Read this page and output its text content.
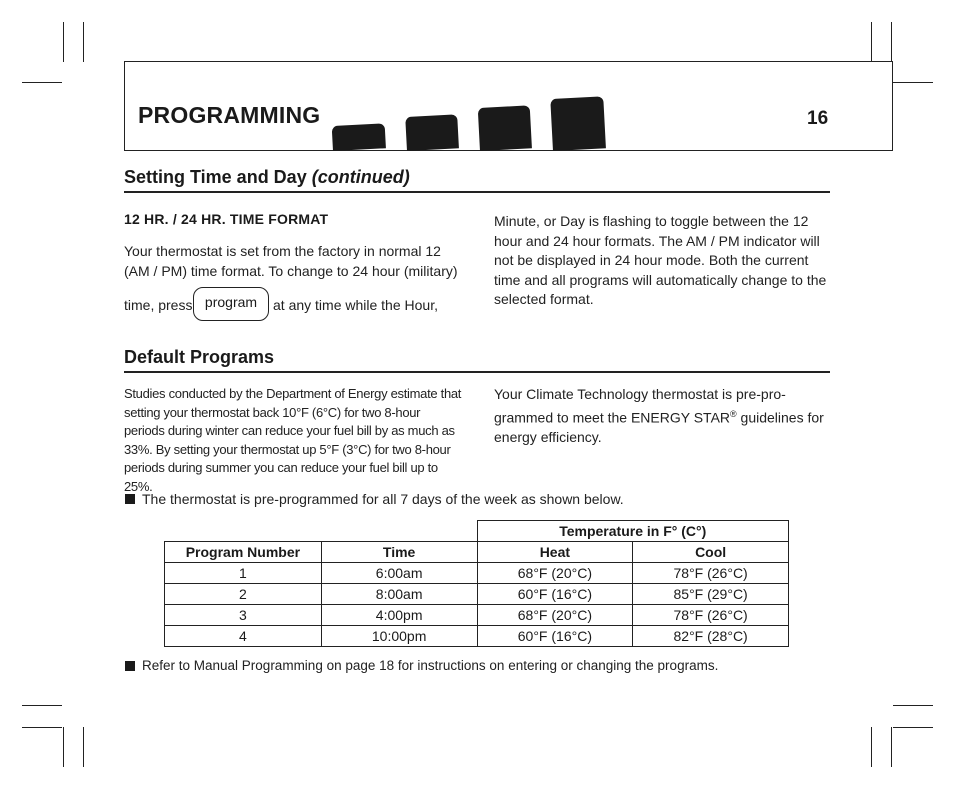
PROGRAMMING	16
Setting Time and Day (continued)
12 HR. / 24 HR. TIME FORMAT
Your thermostat is set from the factory in normal 12
(AM / PM) time format. To change to 24 hour (military)
time, press program	at any time while the Hour,
Minute, or Day is flashing to toggle between the 12 hour and 24 hour formats. The AM / PM indicator will not be displayed in 24 hour mode. Both the current time and all programs will automatically change to the selected format.
Default Programs
Studies conducted by the Department of Energy estimate that setting your thermostat back 10°F (6°C) for two 8-hour periods during winter can reduce your fuel bill by as much as 33%. By setting your thermostat up 5°F (3°C) for two 8-hour periods during summer you can reduce your fuel bill up to 25%.
Your Climate Technology thermostat is pre-pro-grammed to meet the ENERGY STAR® guidelines for energy efficiency.
The thermostat is pre-programmed for all 7 days of the week as shown below.
		Temperature in F° (C°)	
Program Number	Time	Heat	Cool
1	6:00am	68°F (20°C)	78°F (26°C)
2	8:00am	60°F (16°C)	85°F (29°C)
3	4:00pm	68°F (20°C)	78°F (26°C)
4	10:00pm	60°F (16°C)	82°F (28°C)
Refer to Manual Programming on page 18 for instructions on entering or changing the programs.
